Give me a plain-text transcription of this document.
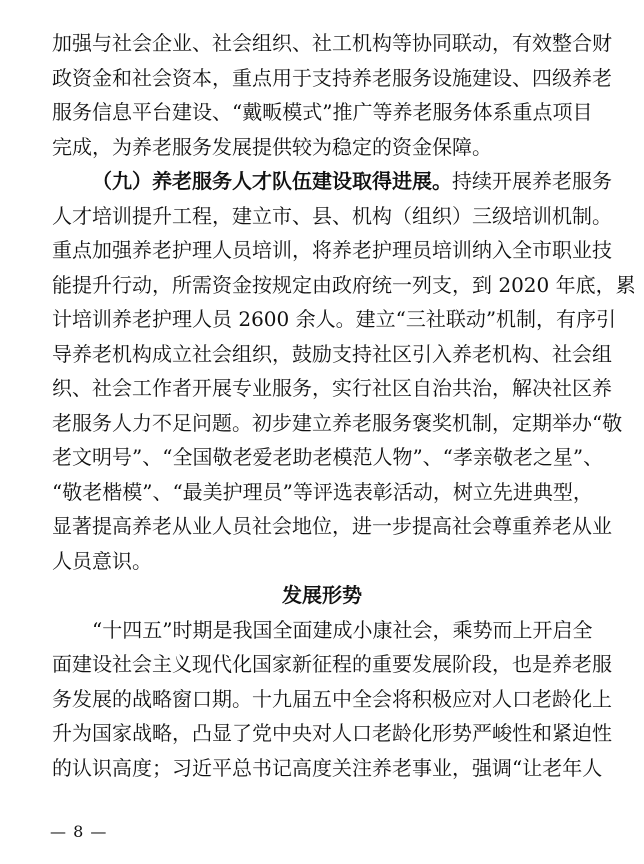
加强与社会企业、社会组织、社工机构等协同联动，有效整合财
政资金和社会资本，重点用于支持养老服务设施建设、四级养老
服务信息平台建设、“戴畈模式”推广等养老服务体系重点项目
完成，为养老服务发展提供较为稳定的资金保障。
（九）养老服务人才队伍建设取得进展。持续开展养老服务
人才培训提升工程，建立市、县、机构（组织）三级培训机制。
重点加强养老护理人员培训，将养老护理员培训纳入全市职业技
能提升行动，所需资金按规定由政府统一列支，到 2020 年底，累
计培训养老护理人员 2600 余人。建立“三社联动”机制，有序引
导养老机构成立社会组织，鼓励支持社区引入养老机构、社会组
织、社会工作者开展专业服务，实行社区自治共治，解决社区养
老服务人力不足问题。初步建立养老服务褒奖机制，定期举办“敬
老文明号”、“全国敬老爱老助老模范人物”、“孝亲敬老之星”、
“敬老楷模”、“最美护理员”等评选表彰活动，树立先进典型，
显著提高养老从业人员社会地位，进一步提高社会尊重养老从业
人员意识。
发展形势
“十四五”时期是我国全面建成小康社会，乘势而上开启全
面建设社会主义现代化国家新征程的重要发展阶段，也是养老服
务发展的战略窗口期。十九届五中全会将积极应对人口老龄化上
升为国家战略，凸显了党中央对人口老龄化形势严峻性和紧迫性
的认识高度；习近平总书记高度关注养老事业，强调“让老年人
— 8 —
